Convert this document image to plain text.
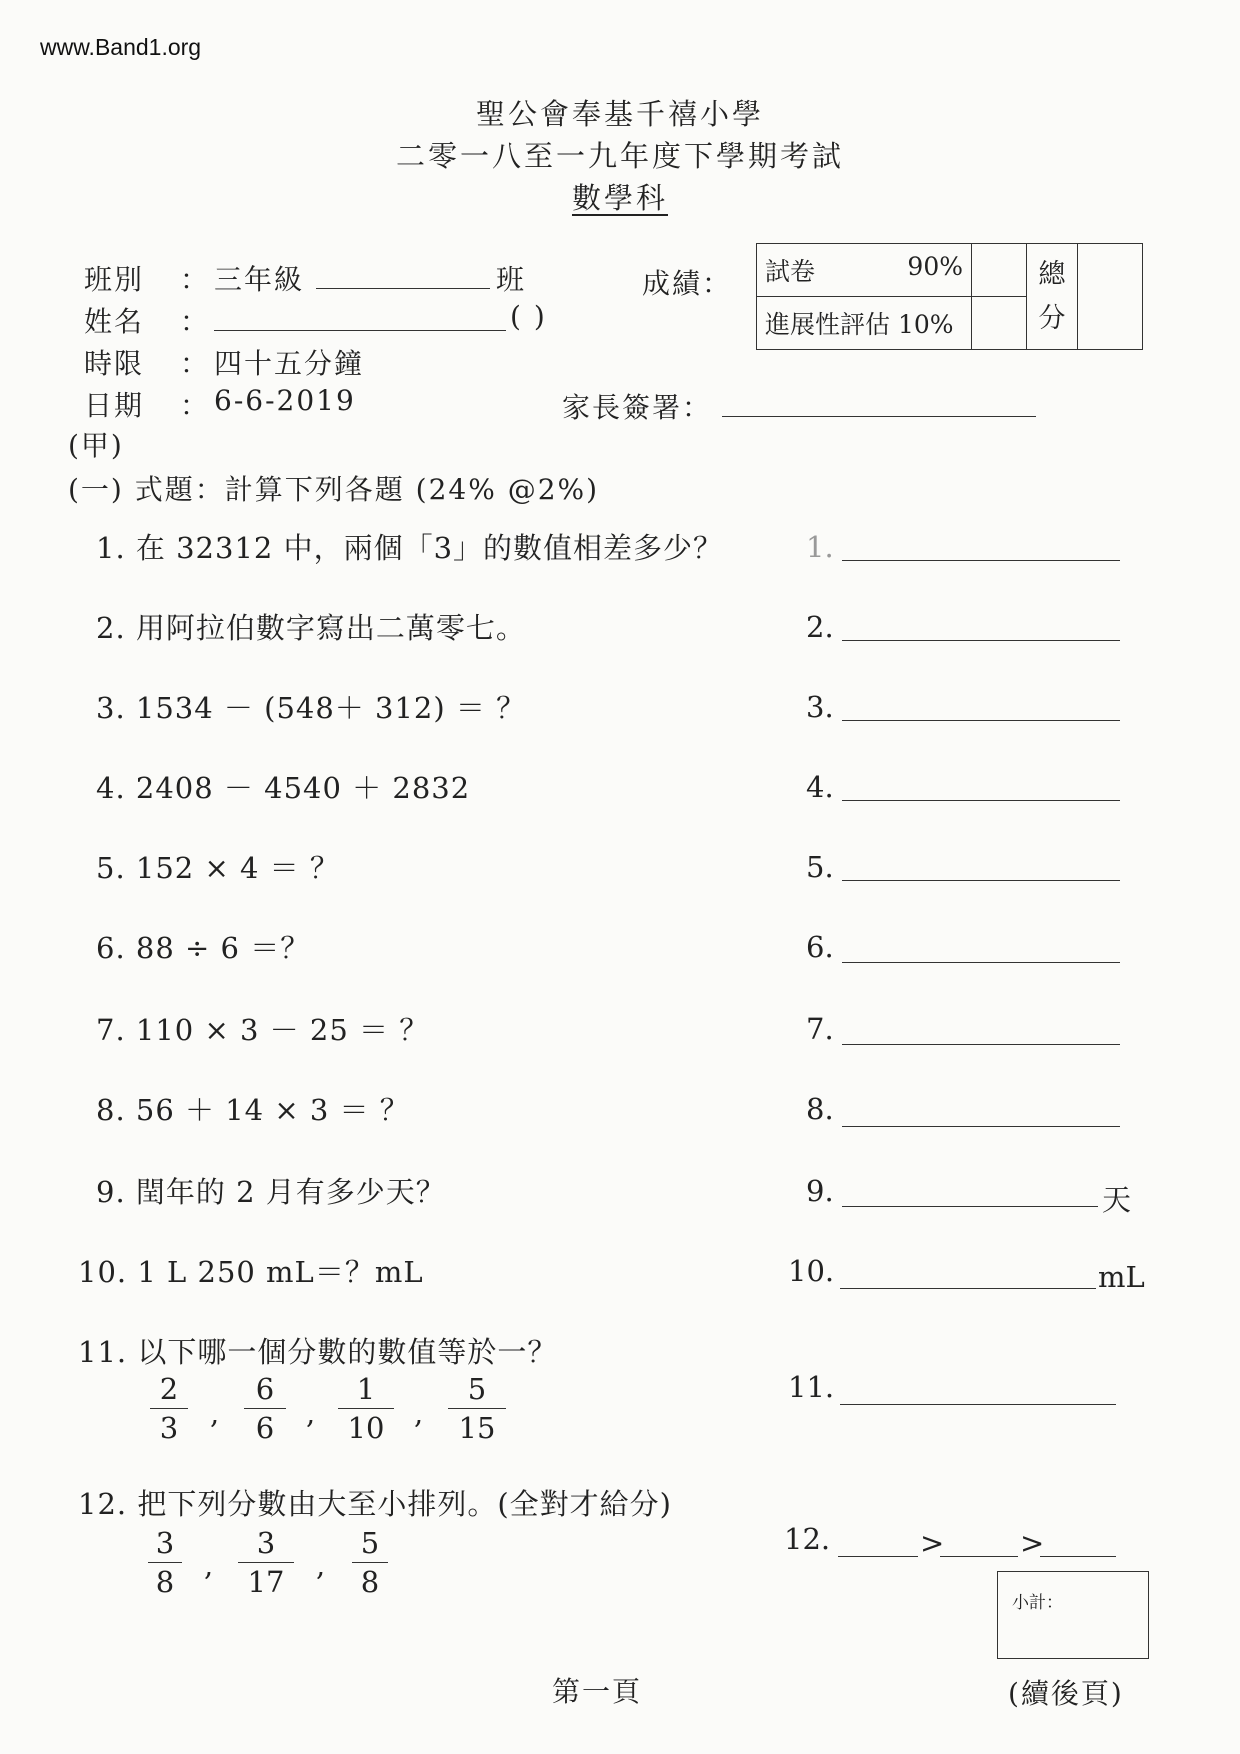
www.Band1.org
聖公會奉基千禧小學
二零一八至一九年度下學期考試
數學科
班別 ： 三年級	班
姓名 ：	( )
時限 ： 四十五分鐘
日期 ： 6-6-2019
成績：
家長簽署：
試卷 90%		總分	
進展性評估 10%			
(甲)
(一) 式題：計算下列各題 (24% @2%)
1. 在 32312 中，兩個「3」的數值相差多少？	1.
2. 用阿拉伯數字寫出二萬零七。	2.
3. 1534 － (548＋ 312) ＝ ？	3.
4. 2408 － 4540 ＋ 2832	4.
5. 152 × 4 ＝ ？	5.
6. 88 ÷ 6 ＝？	6.
7. 110 × 3 － 25 ＝ ？	7.
8. 56 ＋ 14 × 3 ＝ ？	8.
9. 閏年的 2 月有多少天？	9.	天
10. 1 L 250 mL＝？mL	10.	mL
11. 以下哪一個分數的數值等於一？
2
3 ,
6
6 ,
1
10 ,
5
15
11.
12. 把下列分數由大至小排列。(全對才給分)
3
8 ,
3
17 ,
5
8
12.	>	>
小計：
第一頁	(續後頁)
